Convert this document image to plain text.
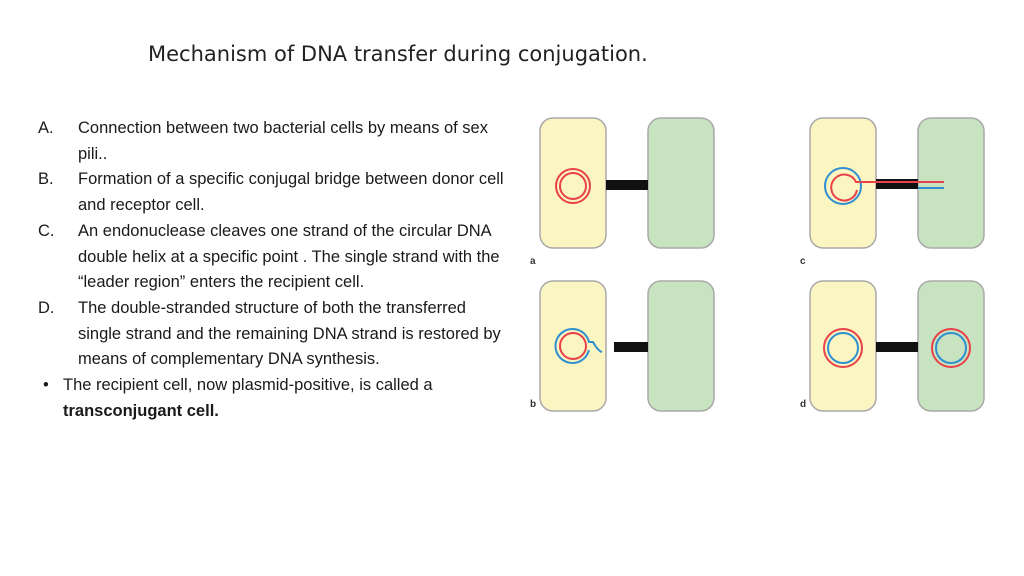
Mechanism of DNA transfer during conjugation.
A. Connection between two bacterial cells by means of sex pili..
B. Formation of a specific conjugal bridge between donor cell and receptor cell.
C. An endonuclease cleaves one strand of the circular DNA double helix at a specific point . The single strand with the “leader region” enters the recipient cell.
D. The double-stranded structure of both the transferred single strand and the remaining DNA strand is restored by means of complementary DNA synthesis.
• The recipient cell, now plasmid-positive, is called a transconjugant cell.
a
b
c
d
